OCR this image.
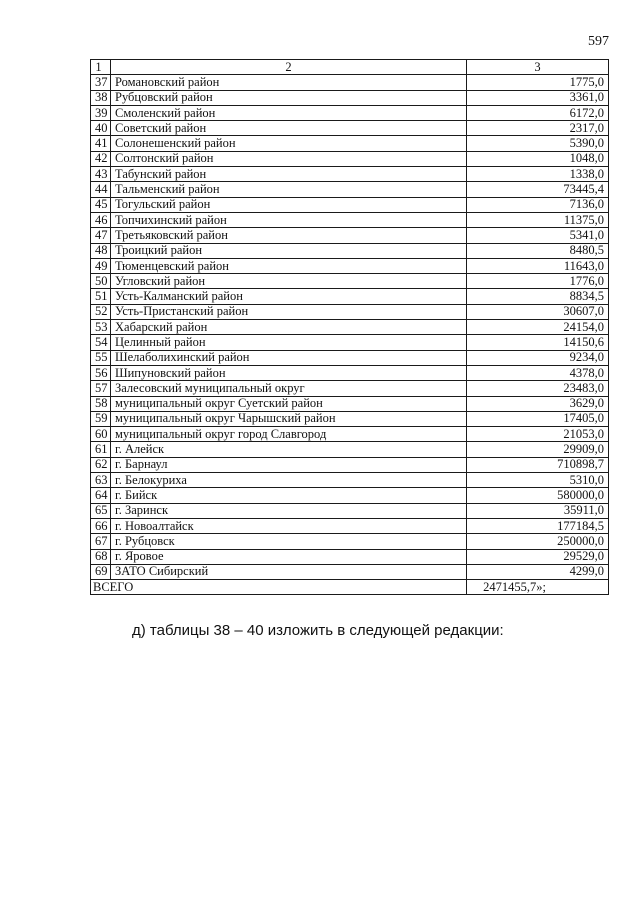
597
1	2	3
37	Романовский район	1775,0
38	Рубцовский район	3361,0
39	Смоленский район	6172,0
40	Советский район	2317,0
41	Солонешенский район	5390,0
42	Солтонский район	1048,0
43	Табунский район	1338,0
44	Тальменский район	73445,4
45	Тогульский район	7136,0
46	Топчихинский район	11375,0
47	Третьяковский район	5341,0
48	Троицкий район	8480,5
49	Тюменцевский район	11643,0
50	Угловский район	1776,0
51	Усть-Калманский район	8834,5
52	Усть-Пристанский район	30607,0
53	Хабарский район	24154,0
54	Целинный район	14150,6
55	Шелаболихинский район	9234,0
56	Шипуновский район	4378,0
57	Залесовский муниципальный округ	23483,0
58	муниципальный округ Суетский район	3629,0
59	муниципальный округ Чарышский район	17405,0
60	муниципальный округ город Славгород	21053,0
61	г. Алейск	29909,0
62	г. Барнаул	710898,7
63	г. Белокуриха	5310,0
64	г. Бийск	580000,0
65	г. Заринск	35911,0
66	г. Новоалтайск	177184,5
67	г. Рубцовск	250000,0
68	г. Яровое	29529,0
69	ЗАТО Сибирский	4299,0
ВСЕГО		2471455,7»;
д) таблицы 38 – 40 изложить в следующей редакции:
